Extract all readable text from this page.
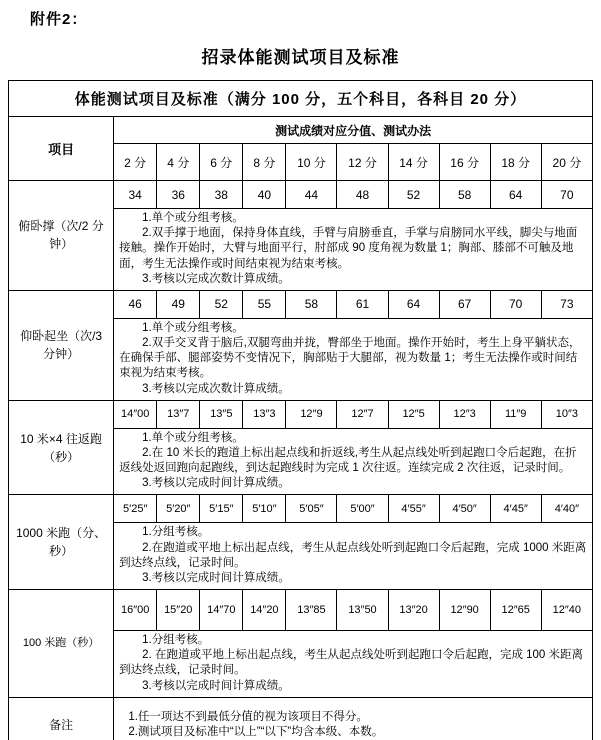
附件2：
招录体能测试项目及标准
体能测试项目及标准（满分 100 分，五个科目，各科目 20 分）										
项目	测试成绩对应分值、测试办法									
	2 分	4 分	6 分	8 分	10 分	12 分	14 分	16 分	18 分	20 分
俯卧撑（次/2 分钟）	34	36	38	40	44	48	52	58	64	70

	1.单个或分组考核。

2.双手撑于地面，保持身体直线，手臂与肩膀垂直，手掌与肩膀同水平线，脚尖与地面接触。操作开始时，大臂与地面平行，肘部成 90 度角视为数量 1；胸部、膝部不可触及地面，考生无法操作或时间结束视为结束考核。

3.考核以完成次数计算成绩。									

仰卧起坐（次/3 分钟）	46	49	52	55	58	61	64	67	70	73

	1.单个或分组考核。

2.双手交叉背于脑后,双腿弯曲并拢，臀部坐于地面。操作开始时，考生上身平躺状态，在确保手部、腿部姿势不变情况下，胸部贴于大腿部，视为数量 1；考生无法操作或时间结束视为结束考核。

3.考核以完成次数计算成绩。									

10 米×4 往返跑（秒）	14″00	13″7	13″5	13″3	12″9	12″7	12″5	12″3	11″9	10″3

	1.单个或分组考核。

2.在 10 米长的跑道上标出起点线和折返线,考生从起点线处听到起跑口令后起跑，在折返线处返回跑向起跑线，到达起跑线时为完成 1 次往返。连续完成 2 次往返，记录时间。

3.考核以完成时间计算成绩。									

1000 米跑（分、秒）	5′25″	5′20″	5′15″	5′10″	5′05″	5′00″	4′55″	4′50″	4′45″	4′40″

	1.分组考核。

2.在跑道或平地上标出起点线，考生从起点线处听到起跑口令后起跑，完成 1000 米距离到达终点线，记录时间。

3.考核以完成时间计算成绩。									

100 米跑（秒）	16″00	15″20	14″70	14″20	13″85	13″50	13″20	12″90	12″65	12″40

	1.分组考核。

2. 在跑道或平地上标出起点线，考生从起点线处听到起跑口令后起跑，完成 100 米距离到达终点线，记录时间。

3.考核以完成时间计算成绩。									

备注	1.任一项达不到最低分值的视为该项目不得分。

2.测试项目及标准中“以上”“以下”均含本级、本数。									
